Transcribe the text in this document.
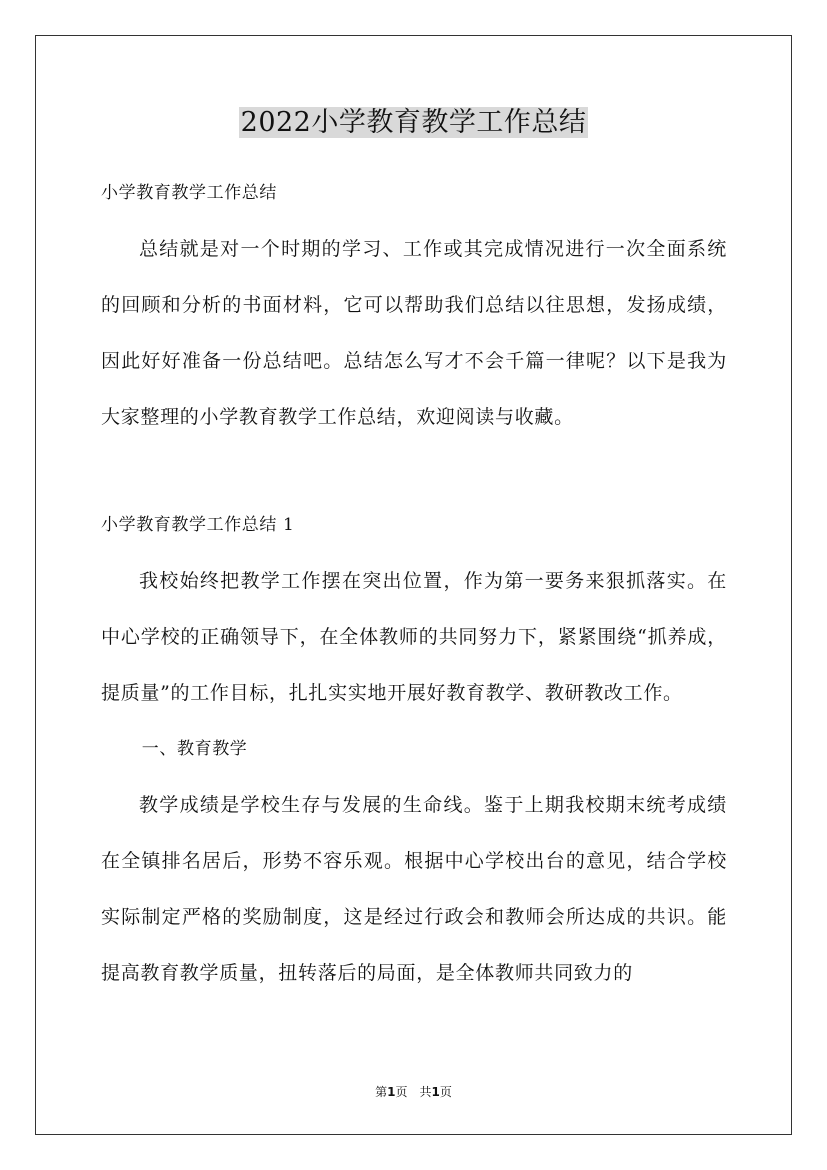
2022小学教育教学工作总结

小学教育教学工作总结

总结就是对一个时期的学习、工作或其完成情况进行一次全面系统的回顾和分析的书面材料，它可以帮助我们总结以往思想，发扬成绩，因此好好准备一份总结吧。总结怎么写才不会千篇一律呢？以下是我为大家整理的小学教育教学工作总结，欢迎阅读与收藏。

小学教育教学工作总结 1

我校始终把教学工作摆在突出位置，作为第一要务来狠抓落实。在中心学校的正确领导下，在全体教师的共同努力下，紧紧围绕“抓养成，提质量”的工作目标，扎扎实实地开展好教育教学、教研教改工作。

一、教育教学

教学成绩是学校生存与发展的生命线。鉴于上期我校期末统考成绩在全镇排名居后，形势不容乐观。根据中心学校出台的意见，结合学校实际制定严格的奖励制度，这是经过行政会和教师会所达成的共识。能提高教育教学质量，扭转落后的局面，是全体教师共同致力的

第1页　共1页
